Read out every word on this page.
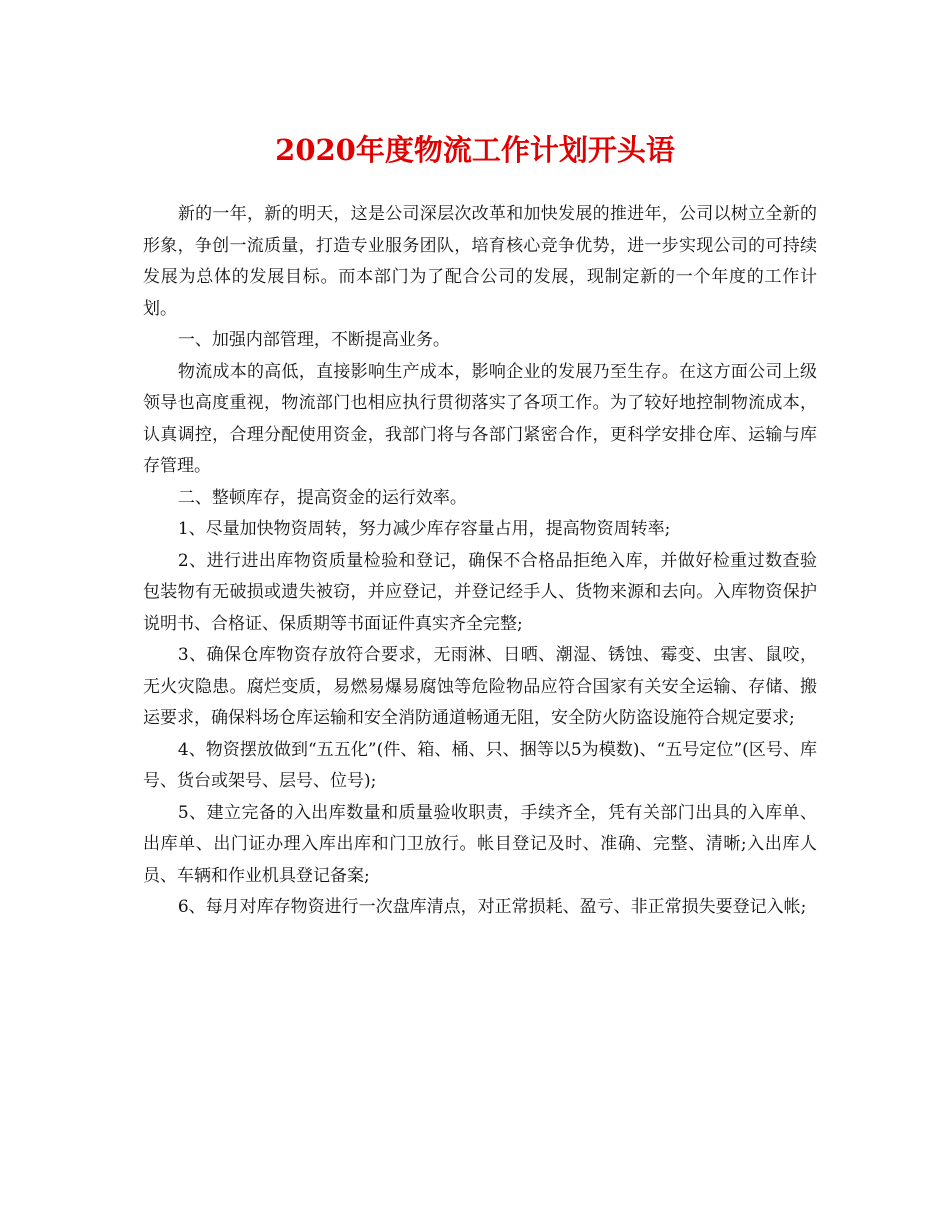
2020年度物流工作计划开头语

新的一年，新的明天，这是公司深层次改革和加快发展的推进年，公司以树立全新的形象，争创一流质量，打造专业服务团队，培育核心竞争优势，进一步实现公司的可持续发展为总体的发展目标。而本部门为了配合公司的发展，现制定新的一个年度的工作计划。

一、加强内部管理，不断提高业务。

物流成本的高低，直接影响生产成本，影响企业的发展乃至生存。在这方面公司上级领导也高度重视，物流部门也相应执行贯彻落实了各项工作。为了较好地控制物流成本，认真调控，合理分配使用资金，我部门将与各部门紧密合作，更科学安排仓库、运输与库存管理。

二、整顿库存，提高资金的运行效率。

1、尽量加快物资周转，努力减少库存容量占用，提高物资周转率;

2、进行进出库物资质量检验和登记，确保不合格品拒绝入库，并做好检重过数查验包装物有无破损或遗失被窃，并应登记，并登记经手人、货物来源和去向。入库物资保护说明书、合格证、保质期等书面证件真实齐全完整;

3、确保仓库物资存放符合要求，无雨淋、日晒、潮湿、锈蚀、霉变、虫害、鼠咬，无火灾隐患。腐烂变质，易燃易爆易腐蚀等危险物品应符合国家有关安全运输、存储、搬运要求，确保料场仓库运输和安全消防通道畅通无阻，安全防火防盗设施符合规定要求;

4、物资摆放做到“五五化”(件、箱、桶、只、捆等以5为模数)、“五号定位”(区号、库号、货台或架号、层号、位号);

5、建立完备的入出库数量和质量验收职责，手续齐全，凭有关部门出具的入库单、出库单、出门证办理入库出库和门卫放行。帐目登记及时、准确、完整、清晰;入出库人员、车辆和作业机具登记备案;

6、每月对库存物资进行一次盘库清点，对正常损耗、盈亏、非正常损失要登记入帐;
